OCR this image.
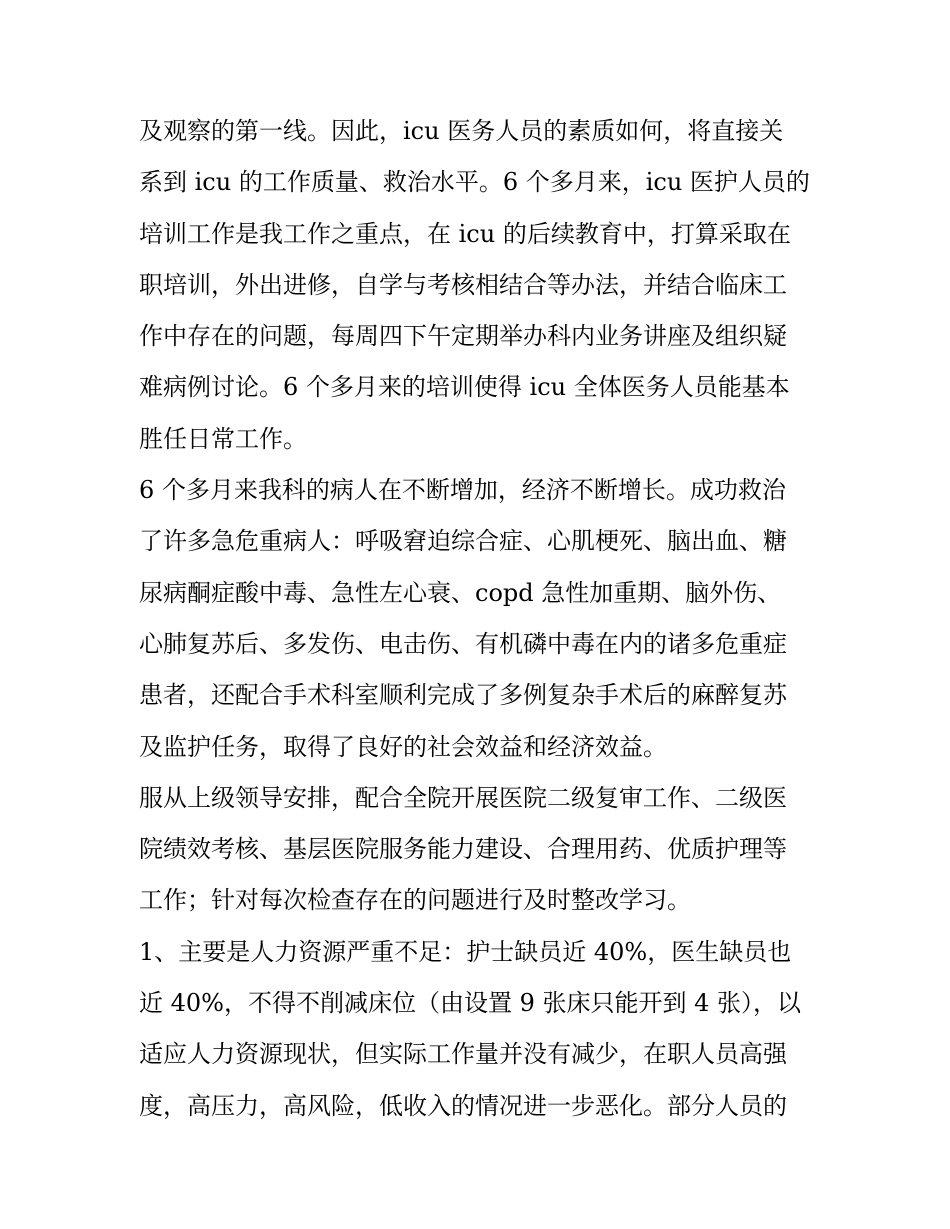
及观察的第一线。因此，icu 医务人员的素质如何，将直接关
系到 icu 的工作质量、救治水平。6 个多月来，icu 医护人员的
培训工作是我工作之重点，在 icu 的后续教育中，打算采取在
职培训，外出进修，自学与考核相结合等办法，并结合临床工
作中存在的问题，每周四下午定期举办科内业务讲座及组织疑
难病例讨论。6 个多月来的培训使得 icu 全体医务人员能基本
胜任日常工作。
6 个多月来我科的病人在不断增加，经济不断增长。成功救治
了许多急危重病人：呼吸窘迫综合症、心肌梗死、脑出血、糖
尿病酮症酸中毒、急性左心衰、copd 急性加重期、脑外伤、
心肺复苏后、多发伤、电击伤、有机磷中毒在内的诸多危重症
患者，还配合手术科室顺利完成了多例复杂手术后的麻醉复苏
及监护任务，取得了良好的社会效益和经济效益。
服从上级领导安排，配合全院开展医院二级复审工作、二级医
院绩效考核、基层医院服务能力建设、合理用药、优质护理等
工作；针对每次检查存在的问题进行及时整改学习。
1、主要是人力资源严重不足：护士缺员近 40%，医生缺员也
近 40%，不得不削减床位（由设置 9 张床只能开到 4 张），以
适应人力资源现状，但实际工作量并没有减少，在职人员高强
度，高压力，高风险，低收入的情况进一步恶化。部分人员的
